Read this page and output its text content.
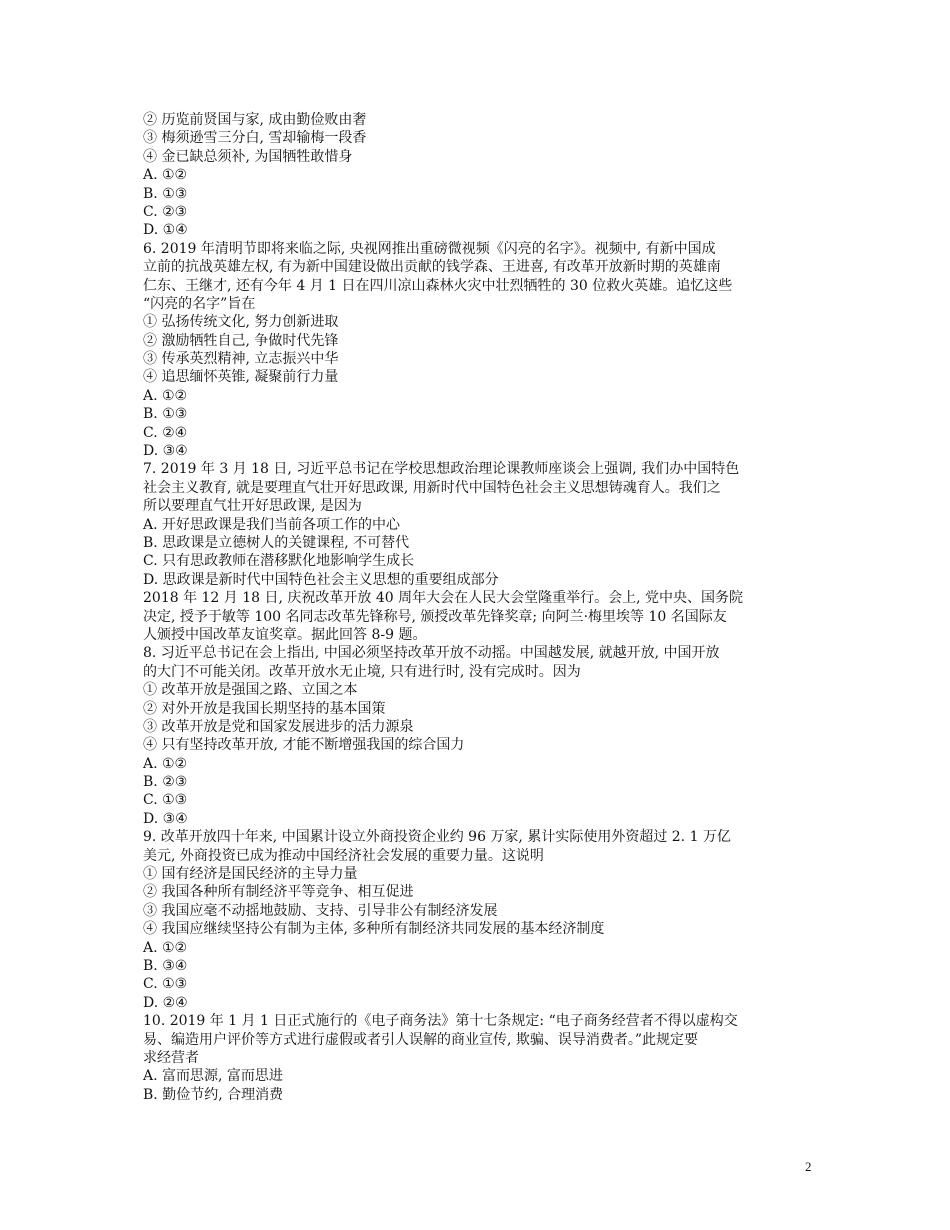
② 历览前贤国与家, 成由勤俭败由奢
③ 梅须逊雪三分白, 雪却输梅一段香
④ 金已缺总须补, 为国牺牲敢惜身
A. ①②
B. ①③
C. ②③
D. ①④
6. 2019 年清明节即将来临之际, 央视网推出重磅微视频《闪亮的名字》。视频中, 有新中国成
立前的抗战英雄左权, 有为新中国建设做出贡献的钱学森、王进喜, 有改革开放新时期的英雄南
仁东、王继才, 还有今年 4 月 1 日在四川凉山森林火灾中壮烈牺牲的 30 位救火英雄。追忆这些
“闪亮的名字”旨在
① 弘扬传统文化, 努力创新进取
② 激励牺牲自己, 争做时代先锋
③ 传承英烈精神, 立志振兴中华
④ 追思缅怀英锥, 凝聚前行力量
A. ①②
B. ①③
C. ②④
D. ③④
7. 2019 年 3 月 18 日, 习近平总书记在学校思想政治理论课教师座谈会上强调, 我们办中国特色
社会主义教育, 就是要理直气壮开好思政课, 用新时代中国特色社会主义思想铸魂育人。我们之
所以要理直气壮开好思政课, 是因为
A. 开好思政课是我们当前各项工作的中心
B. 思政课是立德树人的关键课程, 不可替代
C. 只有思政教师在潜移默化地影响学生成长
D. 思政课是新时代中国特色社会主义思想的重要组成部分
2018 年 12 月 18 日, 庆祝改革开放 40 周年大会在人民大会堂隆重举行。会上, 党中央、国务院
决定, 授予于敏等 100 名同志改革先锋称号, 颁授改革先锋奖章; 向阿兰·梅里埃等 10 名国际友
人颁授中国改革友谊奖章。据此回答 8-9 题。
8. 习近平总书记在会上指出, 中国必须坚持改革开放不动摇。中国越发展, 就越开放, 中国开放
的大门不可能关闭。改革开放水无止境, 只有进行时, 没有完成时。因为
① 改革开放是强国之路、立国之本
② 对外开放是我国长期坚持的基本国策
③ 改革开放是党和国家发展进步的活力源泉
④ 只有坚持改革开放, 才能不断增强我国的综合国力
A. ①②
B. ②③
C. ①③
D. ③④
9. 改革开放四十年来, 中国累计设立外商投资企业约 96 万家, 累计实际使用外资超过 2. 1 万亿
美元, 外商投资已成为推动中国经济社会发展的重要力量。这说明
① 国有经济是国民经济的主导力量
② 我国各种所有制经济平等竞争、相互促进
③ 我国应毫不动摇地鼓励、支持、引导非公有制经济发展
④ 我国应继续坚持公有制为主体, 多种所有制经济共同发展的基本经济制度
A. ①②
B. ③④
C. ①③
D. ②④
10. 2019 年 1 月 1 日正式施行的《电子商务法》第十七条规定: “电子商务经营者不得以虚构交
易、编造用户评价等方式进行虚假或者引人误解的商业宣传, 欺骗、误导消费者。”此规定要
求经营者
A. 富而思源, 富而思进
B. 勤俭节约, 合理消费
2
